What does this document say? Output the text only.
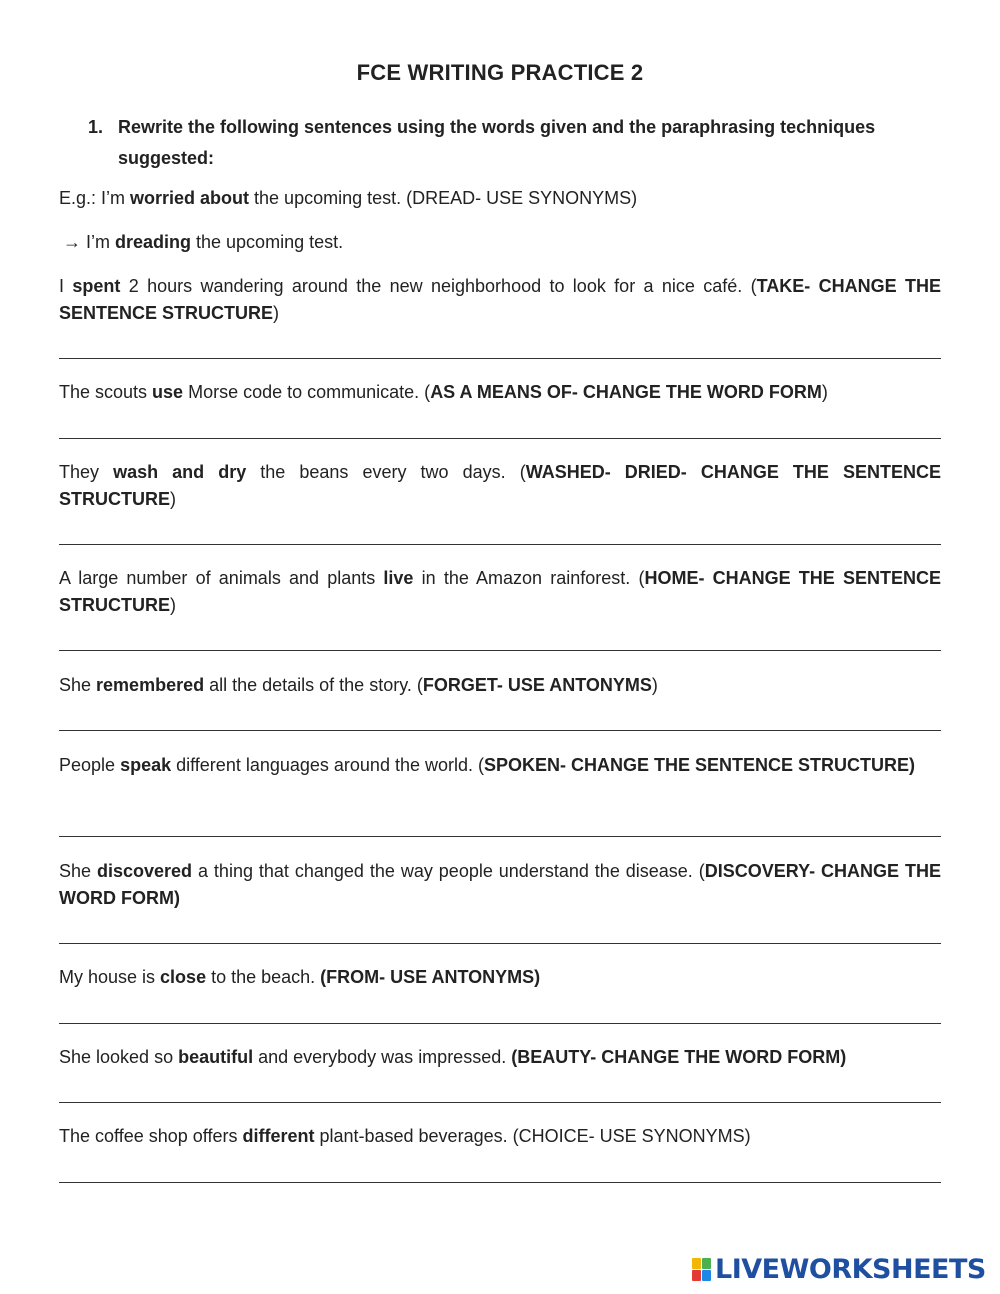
FCE WRITING PRACTICE 2
1. Rewrite the following sentences using the words given and the paraphrasing techniques suggested:
E.g.: I’m worried about the upcoming test. (DREAD- USE SYNONYMS)
→ I’m dreading the upcoming test.
I spent 2 hours wandering around the new neighborhood to look for a nice café. (TAKE- CHANGE THE SENTENCE STRUCTURE)
The scouts use Morse code to communicate. (AS A MEANS OF- CHANGE THE WORD FORM)
They wash and dry the beans every two days. (WASHED- DRIED- CHANGE THE SENTENCE STRUCTURE)
A large number of animals and plants live in the Amazon rainforest. (HOME- CHANGE THE SENTENCE STRUCTURE)
She remembered all the details of the story. (FORGET- USE ANTONYMS)
People speak different languages around the world. (SPOKEN- CHANGE THE SENTENCE STRUCTURE)
She discovered a thing that changed the way people understand the disease. (DISCOVERY- CHANGE THE WORD FORM)
My house is close to the beach. (FROM- USE ANTONYMS)
She looked so beautiful and everybody was impressed. (BEAUTY- CHANGE THE WORD FORM)
The coffee shop offers different plant-based beverages. (CHOICE- USE SYNONYMS)
LIVEWORKSHEETS
